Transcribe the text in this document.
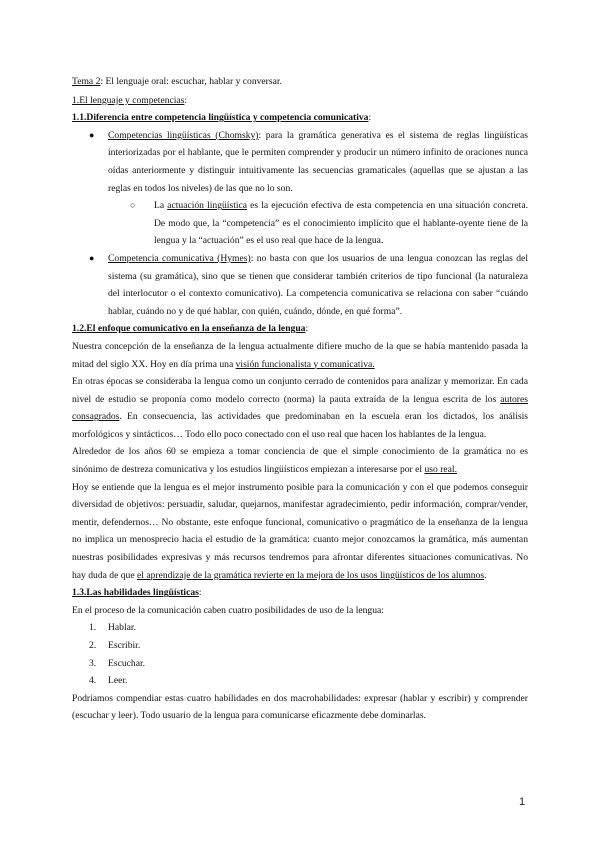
Tema 2: El lenguaje oral: escuchar, hablar y conversar.

1.El lenguaje y competencias:

1.1.Diferencia entre competencia lingüística y competencia comunicativa:

● Competencias lingüísticas (Chomsky): para la gramática generativa es el sistema de reglas lingüísticas interiorizadas por el hablante, que le permiten comprender y producir un número infinito de oraciones nunca oídas anteriormente y distinguir intuitivamente las secuencias gramaticales (aquellas que se ajustan a las reglas en todos los niveles) de las que no lo son.
○ La actuación lingüística es la ejecución efectiva de esta competencia en una situación concreta. De modo que, la “competencia” es el conocimiento implícito que el hablante-oyente tiene de la lengua y la “actuación” es el uso real que hace de la lengua.
● Competencia comunicativa (Hymes): no basta con que los usuarios de una lengua conozcan las reglas del sistema (su gramática), sino que se tienen que considerar también criterios de tipo funcional (la naturaleza del interlocutor o el contexto comunicativo). La competencia comunicativa se relaciona con saber “cuándo hablar, cuándo no y de qué hablar, con quién, cuándo, dónde, en qué forma”.

1.2.El enfoque comunicativo en la enseñanza de la lengua:

Nuestra concepción de la enseñanza de la lengua actualmente difiere mucho de la que se había mantenido pasada la mitad del siglo XX. Hoy en día prima una visión funcionalista y comunicativa.

En otras épocas se consideraba la lengua como un conjunto cerrado de contenidos para analizar y memorizar. En cada nivel de estudio se proponía como modelo correcto (norma) la pauta extraída de la lengua escrita de los autores consagrados. En consecuencia, las actividades que predominaban en la escuela eran los dictados, los análisis morfológicos y sintácticos… Todo ello poco conectado con el uso real que hacen los hablantes de la lengua.

Alrededor de los años 60 se empieza a tomar conciencia de que el simple conocimiento de la gramática no es sinónimo de destreza comunicativa y los estudios lingüísticos empiezan a interesarse por el uso real.

Hoy se entiende que la lengua es el mejor instrumento posible para la comunicación y con el que podemos conseguir diversidad de objetivos: persuadir, saludar, quejarnos, manifestar agradecimiento, pedir información, comprar/vender, mentir, defendernos… No obstante, este enfoque funcional, comunicativo o pragmático de la enseñanza de la lengua no implica un menosprecio hacia el estudio de la gramática: cuanto mejor conozcamos la gramática, más aumentan nuestras posibilidades expresivas y más recursos tendremos para afrontar diferentes situaciones comunicativas. No hay duda de que el aprendizaje de la gramática revierte en la mejora de los usos lingüísticos de los alumnos.

1.3.Las habilidades lingüísticas:

En el proceso de la comunicación caben cuatro posibilidades de uso de la lengua:

1. Hablar.
2. Escribir.
3. Escuchar.
4. Leer.

Podríamos compendiar estas cuatro habilidades en dos macrohabilidades: expresar (hablar y escribir) y comprender (escuchar y leer). Todo usuario de la lengua para comunicarse eficazmente debe dominarlas.

1
